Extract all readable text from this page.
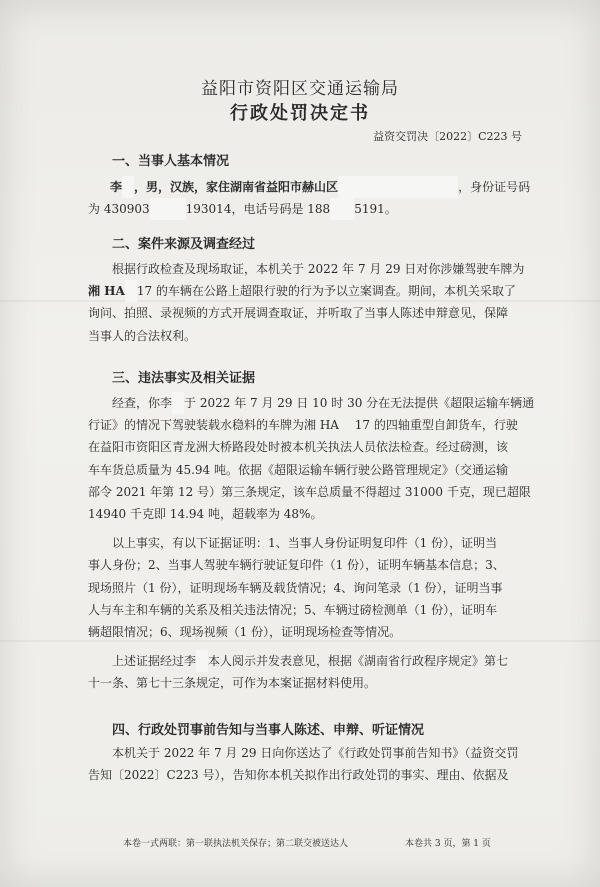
益阳市资阳区交通运输局
行政处罚决定书
益资交罚决〔2022〕C223 号
一、当事人基本情况
李　 ，男，汉族，家住湖南省益阳市赫山区　　　　　　　　　　	，身份证号码
为 430903　　　	193014，电话号码是 188　　 5191。
二、案件来源及调查经过
根据行政检查及现场取证，本机关于 2022 年 7 月 29 日对你涉嫌驾驶车牌为
湘 HA　 17 的车辆在公路上超限行驶的行为予以立案调查。期间，本机关采取了
询问、拍照、录视频的方式开展调查取证，并听取了当事人陈述申辩意见，保障
当事人的合法权利。
三、违法事实及相关证据
经查，你李　 于 2022 年 7 月 29 日 10 时 30 分在无法提供《超限运输车辆通
行证》的情况下驾驶装载水稳料的车牌为湘 HA　 17 的四轴重型自卸货车，行驶
在益阳市资阳区青龙洲大桥路段处时被本机关执法人员依法检查。经过磅测，该
车车货总质量为 45.94 吨。依据《超限运输车辆行驶公路管理规定》（交通运输
部令 2021 年第 12 号）第三条规定，该车总质量不得超过 31000 千克，现已超限
14940 千克即 14.94 吨，超载率为 48%。
以上事实，有以下证据证明：1、当事人身份证明复印件（1 份），证明当
事人身份；2、当事人驾驶车辆行驶证复印件（1 份），证明车辆基本信息；3、
现场照片（1 份），证明现场车辆及载货情况；4、询问笔录（1 份），证明当事
人与车主和车辆的关系及相关违法情况；5、车辆过磅检测单（1 份），证明车
辆超限情况；6、现场视频（1 份），证明现场检查等情况。
上述证据经过李　 本人阅示并发表意见，根据《湖南省行政程序规定》第七
十一条、第七十三条规定，可作为本案证据材料使用。
四、行政处罚事前告知与当事人陈述、申辩、听证情况
本机关于 2022 年 7 月 29 日向你送达了《行政处罚事前告知书》（益资交罚
告知〔2022〕C223 号），告知你本机关拟作出行政处罚的事实、理由、依据及
本卷一式两联：第一联执法机关保存；第二联交被送达人	本卷共 3 页，第 1 页
